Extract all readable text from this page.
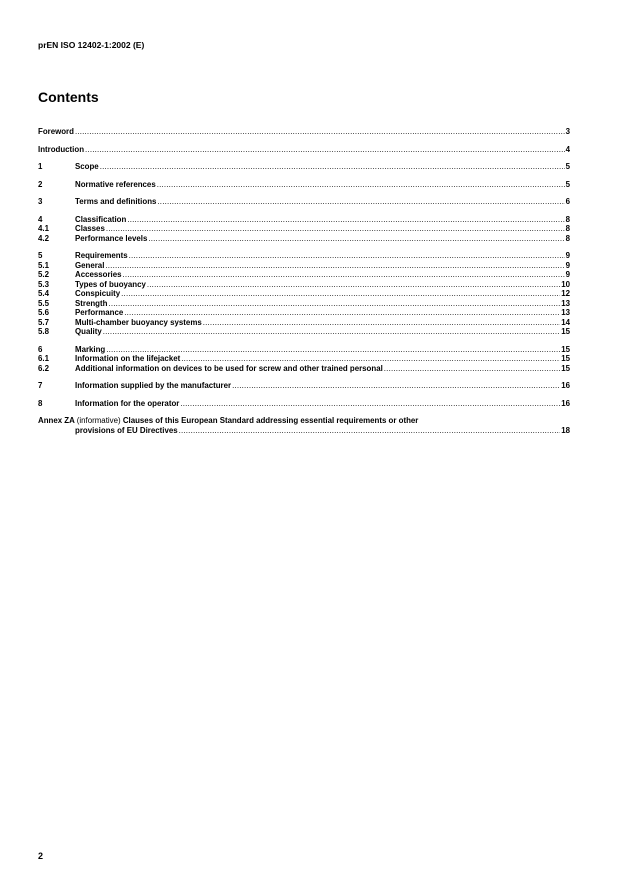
prEN ISO 12402-1:2002 (E)
Contents
Foreword .....	3
Introduction .....	4
1	Scope .....	5
2	Normative references .....	5
3	Terms and definitions .....	6
4	Classification .....	8
4.1	Classes .....	8
4.2	Performance levels .....	8
5	Requirements .....	9
5.1	General .....	9
5.2	Accessories .....	9
5.3	Types of buoyancy .....	10
5.4	Conspicuity .....	12
5.5	Strength .....	13
5.6	Performance .....	13
5.7	Multi-chamber buoyancy systems .....	14
5.8	Quality .....	15
6	Marking .....	15
6.1	Information on the lifejacket .....	15
6.2	Additional information on devices to be used for screw and other trained personal .....	15
7	Information supplied by the manufacturer .....	16
8	Information for the operator .....	16
Annex ZA (informative) Clauses of this European Standard addressing essential requirements or other
provisions of EU Directives .....	18
2
